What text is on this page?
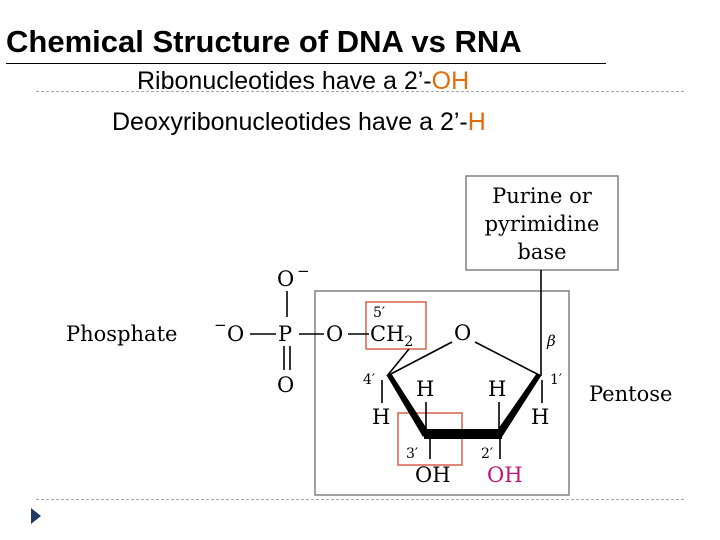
Chemical Structure of DNA vs RNA
Ribonucleotides have a 2’-OH
Deoxyribonucleotides have a 2’-H
Purine or
pyrimidine
base
Phosphate
O −
− O P O
O
5′
$CH_2$
4′	1′
3′	2′
O	β
H	H
H	H
OH OH
Pentose
